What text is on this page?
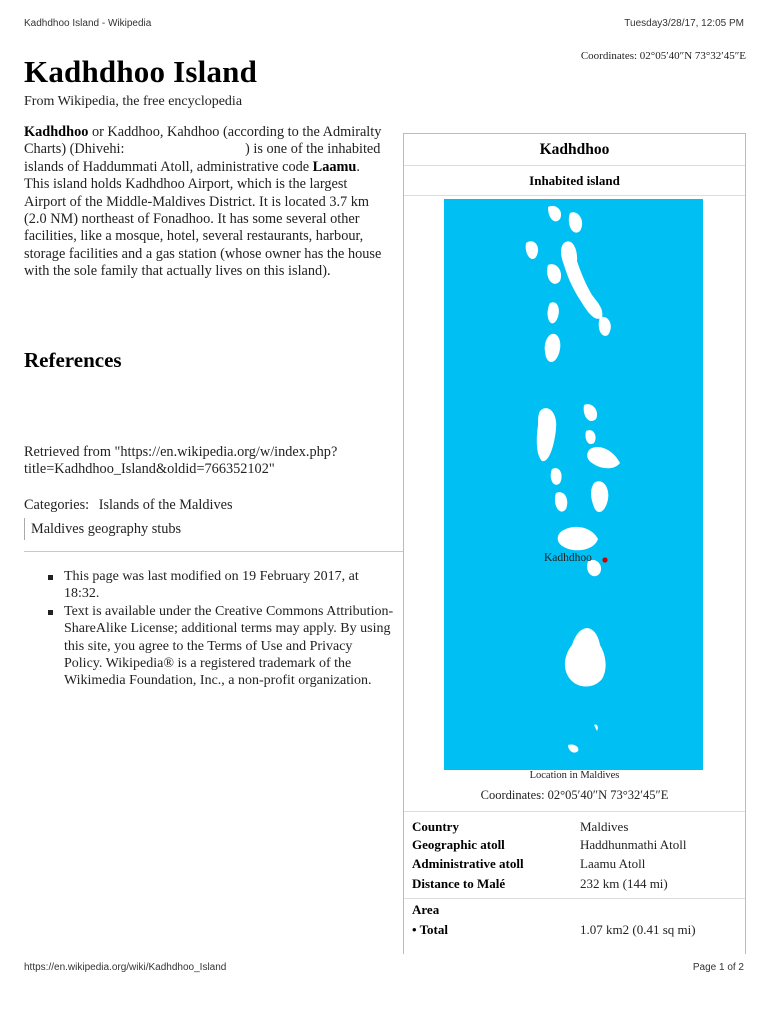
Kadhdhoo Island - Wikipedia	Tuesday3/28/17, 12:05 PM
Coordinates: 02°05′40″N 73°32′45″E
Kadhdhoo Island
From Wikipedia, the free encyclopedia
Kadhdhoo or Kaddhoo, Kahdhoo (according to the Admiralty Charts) (Dhivehi:	) is one of the inhabited islands of Haddummati Atoll, administrative code Laamu. This island holds Kadhdhoo Airport, which is the largest Airport of the Middle-Maldives District. It is located 3.7 km (2.0 NM) northeast of Fonadhoo. It has some several other facilities, like a mosque, hotel, several restaurants, harbour, storage facilities and a gas station (whose owner has the house with the sole family that actually lives on this island).
References
Retrieved from "https://en.wikipedia.org/w/index.php?title=Kadhdhoo_Island&oldid=766352102"
Categories: Islands of the Maldives
Maldives geography stubs
This page was last modified on 19 February 2017, at 18:32.
Text is available under the Creative Commons Attribution-ShareAlike License; additional terms may apply. By using this site, you agree to the Terms of Use and Privacy Policy. Wikipedia® is a registered trademark of the Wikimedia Foundation, Inc., a non-profit organization.
Kadhdhoo
Inhabited island
Kadhdhoo
Location in Maldives
Coordinates: 02°05′40″N 73°32′45″E
Country	Maldives
Geographic atoll	Haddhunmathi Atoll
Administrative atoll	Laamu Atoll
Distance to Malé	232 km (144 mi)
Area
• Total	1.07 km2 (0.41 sq mi)
https://en.wikipedia.org/wiki/Kadhdhoo_Island	Page 1 of 2
